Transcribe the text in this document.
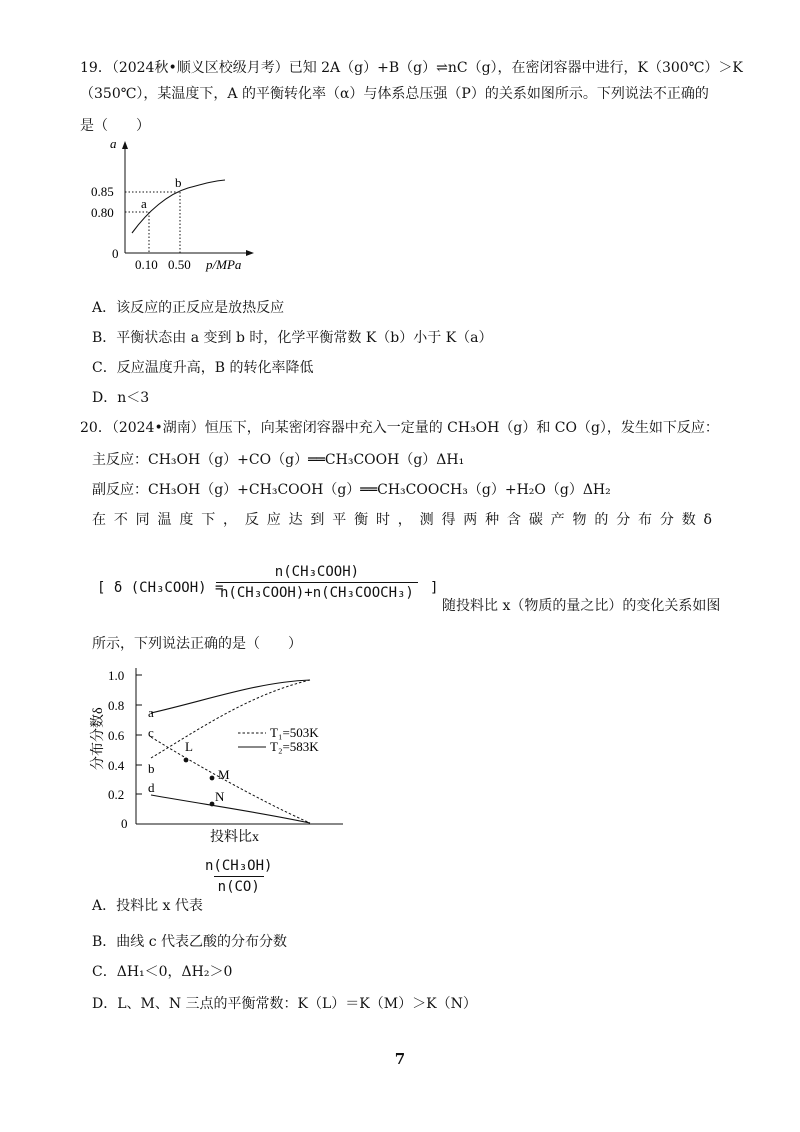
19．（2024秋•顺义区校级月考）已知 2A（g）+B（g）⇌nC（g），在密闭容器中进行，K（300℃）＞K
（350℃），某温度下，A 的平衡转化率（α）与体系总压强（P）的关系如图所示。下列说法不正确的
是（　　）
a
a
b
0.85
0.80
0
0.10 0.50 p/MPa
A．该反应的正反应是放热反应
B．平衡状态由 a 变到 b 时，化学平衡常数 K（b）小于 K（a）
C．反应温度升高，B 的转化率降低
D．n＜3
20．（2024•湖南）恒压下，向某密闭容器中充入一定量的 CH₃OH（g）和 CO（g），发生如下反应：
主反应：CH₃OH（g）+CO（g）══CH₃COOH（g）ΔH₁
副反应：CH₃OH（g）+CH₃COOH（g）══CH₃COOCH₃（g）+H₂O（g）ΔH₂
在不同温度下，反应达到平衡时，测得两种含碳产物的分布分数δ
[ δ (CH₃COOH) =
n(CH₃COOH)
n(CH₃COOH)+n(CH₃COOCH₃) ]
随投料比 x（物质的量之比）的变化关系如图
所示，下列说法正确的是（　　）
1.0
0.8
0.6
0.4
0.2
0
分布分数δ	a
c
b
d
L
M
N
T₁=503K
T₂=583K
投料比x
$\frac{\text{n(CH₃OH)}}{n(CO)}$
A．投料比 x 代表
B．曲线 c 代表乙酸的分布分数
C．ΔH₁＜0，ΔH₂＞0
D．L、M、N 三点的平衡常数：K（L）＝K（M）＞K（N）
7
